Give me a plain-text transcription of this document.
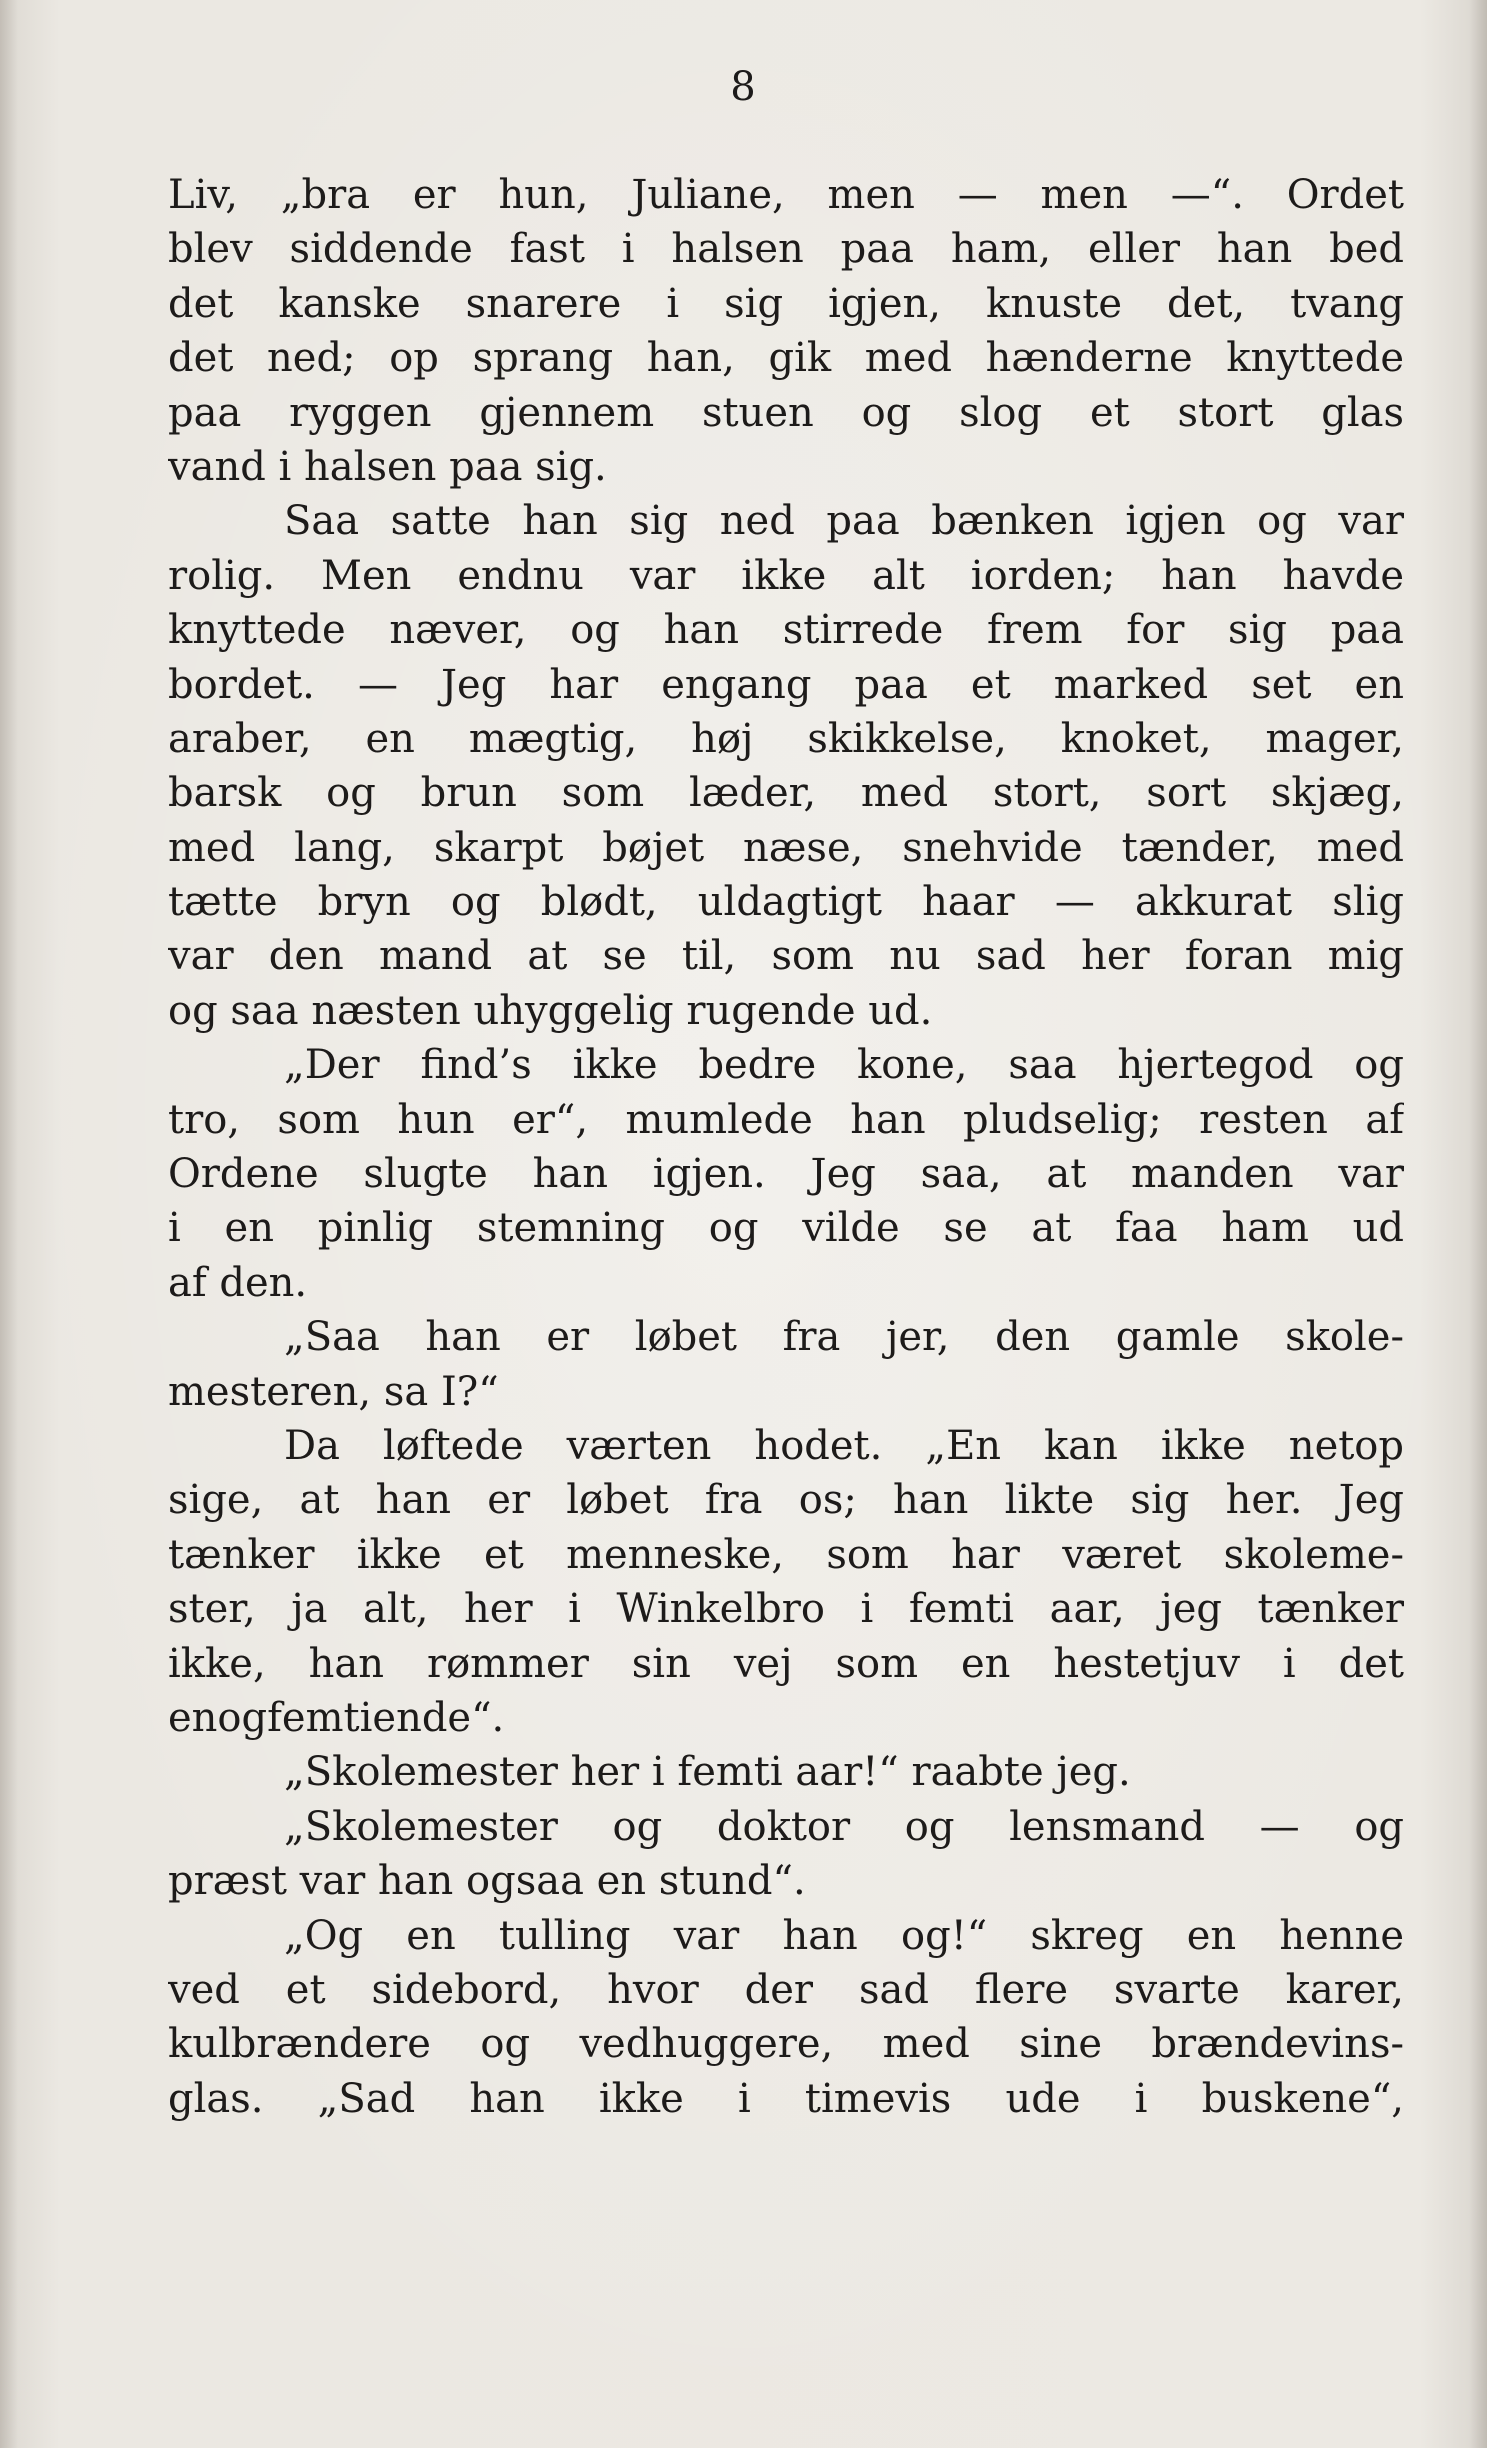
8
Liv, „bra er hun, Juliane, men — men —“. Ordet
blev siddende fast i halsen paa ham, eller han bed
det kanske snarere i sig igjen, knuste det, tvang
det ned; op sprang han, gik med hænderne knyttede
paa ryggen gjennem stuen og slog et stort glas
vand i halsen paa sig.
Saa satte han sig ned paa bænken igjen og var
rolig. Men endnu var ikke alt iorden; han havde
knyttede næver, og han stirrede frem for sig paa
bordet. — Jeg har engang paa et marked set en
araber, en mægtig, høj skikkelse, knoket, mager,
barsk og brun som læder, med stort, sort skjæg,
med lang, skarpt bøjet næse, snehvide tænder, med
tætte bryn og blødt, uldagtigt haar — akkurat slig
var den mand at se til, som nu sad her foran mig
og saa næsten uhyggelig rugende ud.
„Der find’s ikke bedre kone, saa hjertegod og
tro, som hun er“, mumlede han pludselig; resten af
Ordene slugte han igjen. Jeg saa, at manden var
i en pinlig stemning og vilde se at faa ham ud
af den.
„Saa han er løbet fra jer, den gamle skole-
mesteren, sa I?“
Da løftede værten hodet. „En kan ikke netop
sige, at han er løbet fra os; han likte sig her. Jeg
tænker ikke et menneske, som har været skoleme-
ster, ja alt, her i Winkelbro i femti aar, jeg tænker
ikke, han rømmer sin vej som en hestetjuv i det
enogfemtiende“.
„Skolemester her i femti aar!“ raabte jeg.
„Skolemester og doktor og lensmand — og
præst var han ogsaa en stund“.
„Og en tulling var han og!“ skreg en henne
ved et sidebord, hvor der sad flere svarte karer,
kulbrændere og vedhuggere, med sine brændevins-
glas. „Sad han ikke i timevis ude i buskene“,
